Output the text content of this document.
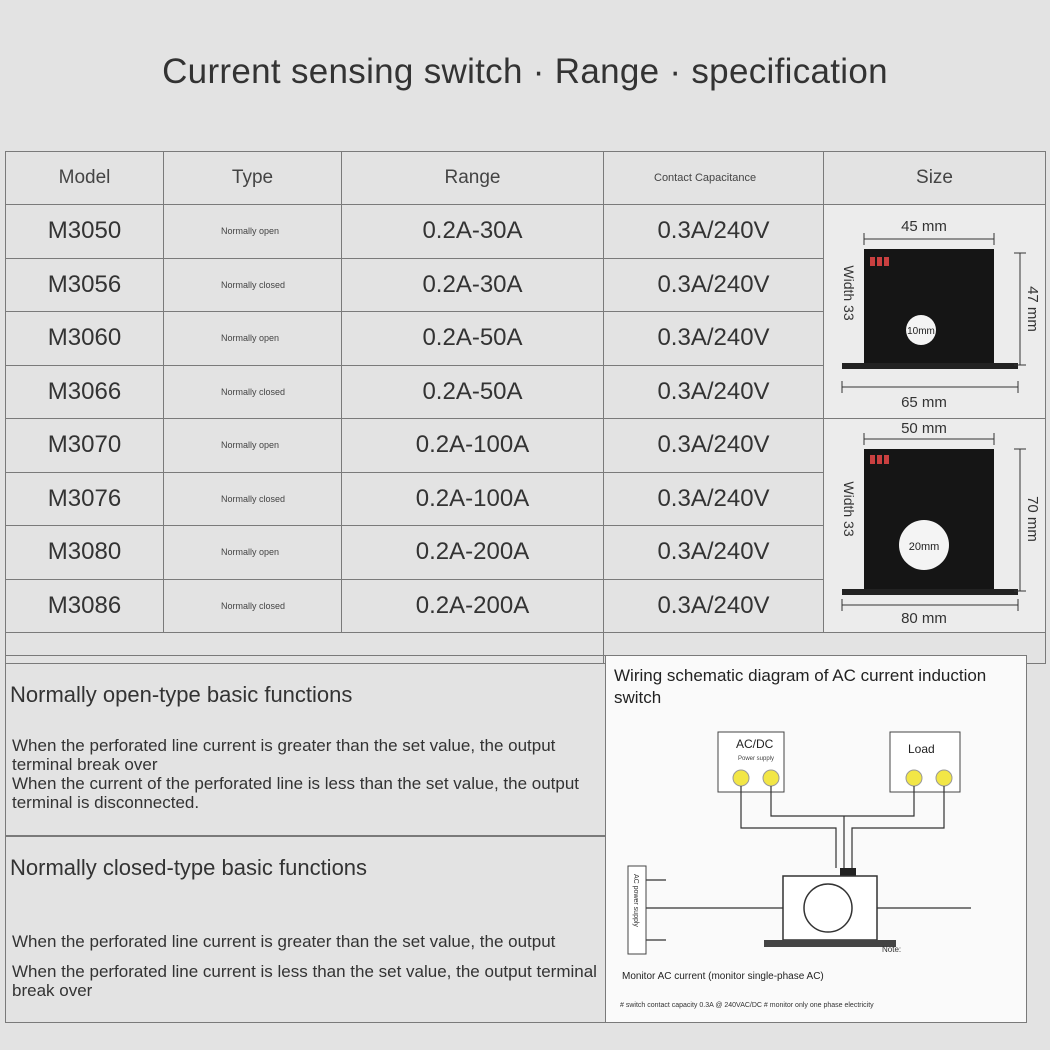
Current sensing switch · Range · specification
Model	Type	Range	Contact Capacitance	Size
M3050	Normally open	0.2A-30A	0.3A/240V	45 mm
10mm
65 mm
47 mm
Width 33

M3056	Normally closed	0.2A-30A	0.3A/240V	
M3060	Normally open	0.2A-50A	0.3A/240V	
M3066	Normally closed	0.2A-50A	0.3A/240V	
M3070	Normally open	0.2A-100A	0.3A/240V	50 mm
20mm
80 mm
70 mm
Width 33

M3076	Normally closed	0.2A-100A	0.3A/240V	
M3080	Normally open	0.2A-200A	0.3A/240V	
M3086	Normally closed	0.2A-200A	0.3A/240V	

Normally open-type basic functions
When the perforated line current is greater than the set value, the output terminal break over
When the current of the perforated line is less than the set value, the output terminal is disconnected.
Normally closed-type basic functions
When the perforated line current is greater than the set value, the output
When the perforated line current is less than the set value, the output terminal break over
Wiring schematic diagram of AC current induction switch
AC/DC
Power supply
Load
AC power supply
Note:
Monitor AC current (monitor single-phase AC)
# switch contact capacity 0.3A @ 240VAC/DC # monitor only one phase electricity
